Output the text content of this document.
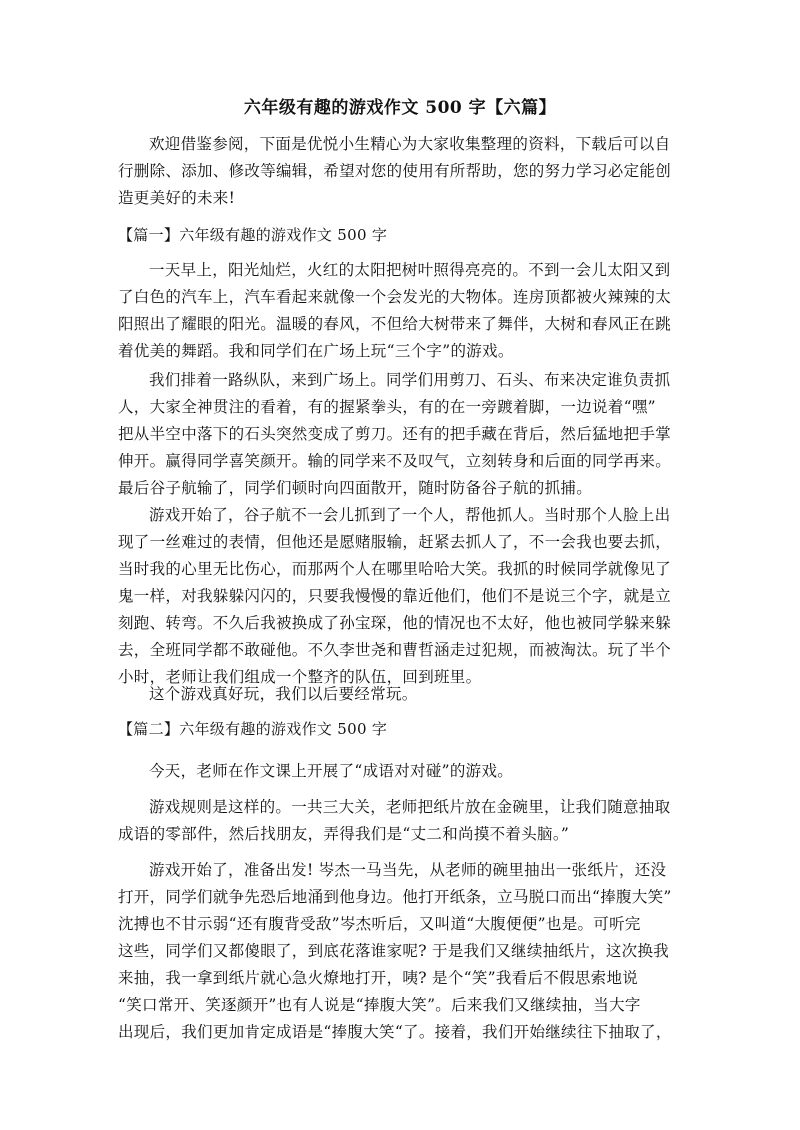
六年级有趣的游戏作文 500 字【六篇】
欢迎借鉴参阅，下面是优悦小生精心为大家收集整理的资料，下载后可以自
行删除、添加、修改等编辑，希望对您的使用有所帮助，您的努力学习必定能创
造更美好的未来!
【篇一】六年级有趣的游戏作文 500 字
一天早上，阳光灿烂，火红的太阳把树叶照得亮亮的。不到一会儿太阳又到
了白色的汽车上，汽车看起来就像一个会发光的大物体。连房顶都被火辣辣的太
阳照出了耀眼的阳光。温暖的春风，不但给大树带来了舞伴，大树和春风正在跳
着优美的舞蹈。我和同学们在广场上玩“三个字”的游戏。
我们排着一路纵队，来到广场上。同学们用剪刀、石头、布来决定谁负责抓
人，大家全神贯注的看着，有的握紧拳头，有的在一旁踱着脚，一边说着“嘿”
把从半空中落下的石头突然变成了剪刀。还有的把手藏在背后，然后猛地把手掌
伸开。赢得同学喜笑颜开。输的同学来不及叹气，立刻转身和后面的同学再来。
最后谷子航输了，同学们顿时向四面散开，随时防备谷子航的抓捕。
游戏开始了，谷子航不一会儿抓到了一个人，帮他抓人。当时那个人脸上出
现了一丝难过的表情，但他还是愿赌服输，赶紧去抓人了，不一会我也要去抓，
当时我的心里无比伤心，而那两个人在哪里哈哈大笑。我抓的时候同学就像见了
鬼一样，对我躲躲闪闪的，只要我慢慢的靠近他们，他们不是说三个字，就是立
刻跑、转弯。不久后我被换成了孙宝琛，他的情况也不太好，他也被同学躲来躲
去，全班同学都不敢碰他。不久李世尧和曹哲涵走过犯规，而被淘汰。玩了半个
小时，老师让我们组成一个整齐的队伍，回到班里。
这个游戏真好玩，我们以后要经常玩。
【篇二】六年级有趣的游戏作文 500 字
今天，老师在作文课上开展了“成语对对碰”的游戏。
游戏规则是这样的。一共三大关，老师把纸片放在金碗里，让我们随意抽取
成语的零部件，然后找朋友，弄得我们是“丈二和尚摸不着头脑。”
游戏开始了，准备出发! 岑杰一马当先，从老师的碗里抽出一张纸片，还没
打开，同学们就争先恐后地涌到他身边。他打开纸条，立马脱口而出“捧腹大笑”
沈搏也不甘示弱“还有腹背受敌”岑杰听后，又叫道“大腹便便”也是。可听完
这些，同学们又都傻眼了，到底花落谁家呢? 于是我们又继续抽纸片，这次换我
来抽，我一拿到纸片就心急火燎地打开，咦? 是个“笑”我看后不假思索地说
“笑口常开、笑逐颜开”也有人说是“捧腹大笑”。后来我们又继续抽，当大字
出现后，我们更加肯定成语是“捧腹大笑“了。接着，我们开始继续往下抽取了，
